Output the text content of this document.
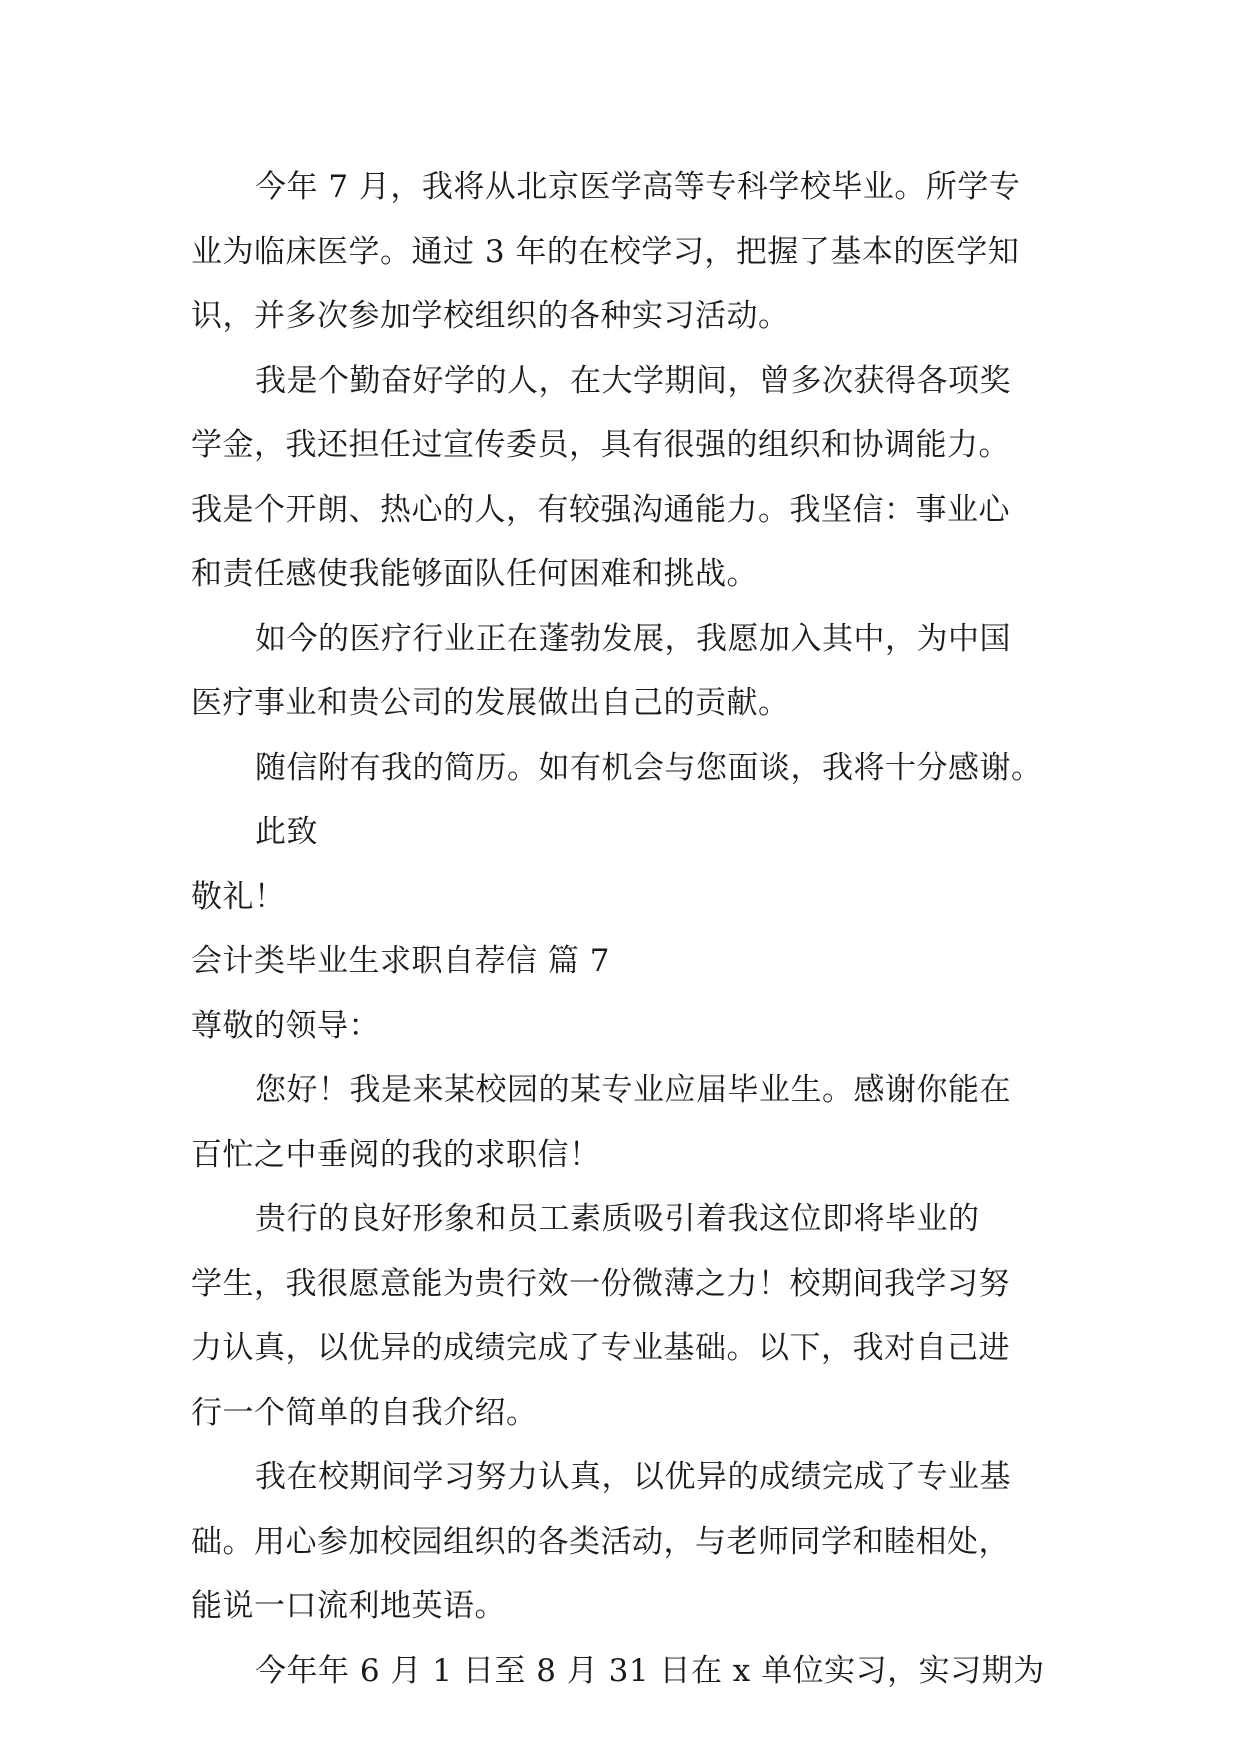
今年 7 月，我将从北京医学高等专科学校毕业。所学专
业为临床医学。通过 3 年的在校学习，把握了基本的医学知
识，并多次参加学校组织的各种实习活动。
我是个勤奋好学的人，在大学期间，曾多次获得各项奖
学金，我还担任过宣传委员，具有很强的组织和协调能力。
我是个开朗、热心的人，有较强沟通能力。我坚信：事业心
和责任感使我能够面队任何困难和挑战。
如今的医疗行业正在蓬勃发展，我愿加入其中，为中国
医疗事业和贵公司的发展做出自己的贡献。
随信附有我的简历。如有机会与您面谈，我将十分感谢。
此致
敬礼！
会计类毕业生求职自荐信 篇 7
尊敬的领导：
您好！我是来某校园的某专业应届毕业生。感谢你能在
百忙之中垂阅的我的求职信！
贵行的良好形象和员工素质吸引着我这位即将毕业的
学生，我很愿意能为贵行效一份微薄之力！校期间我学习努
力认真，以优异的成绩完成了专业基础。以下，我对自己进
行一个简单的自我介绍。
我在校期间学习努力认真，以优异的成绩完成了专业基
础。用心参加校园组织的各类活动，与老师同学和睦相处，
能说一口流利地英语。
今年年 6 月 1 日至 8 月 31 日在 x 单位实习，实习期为
